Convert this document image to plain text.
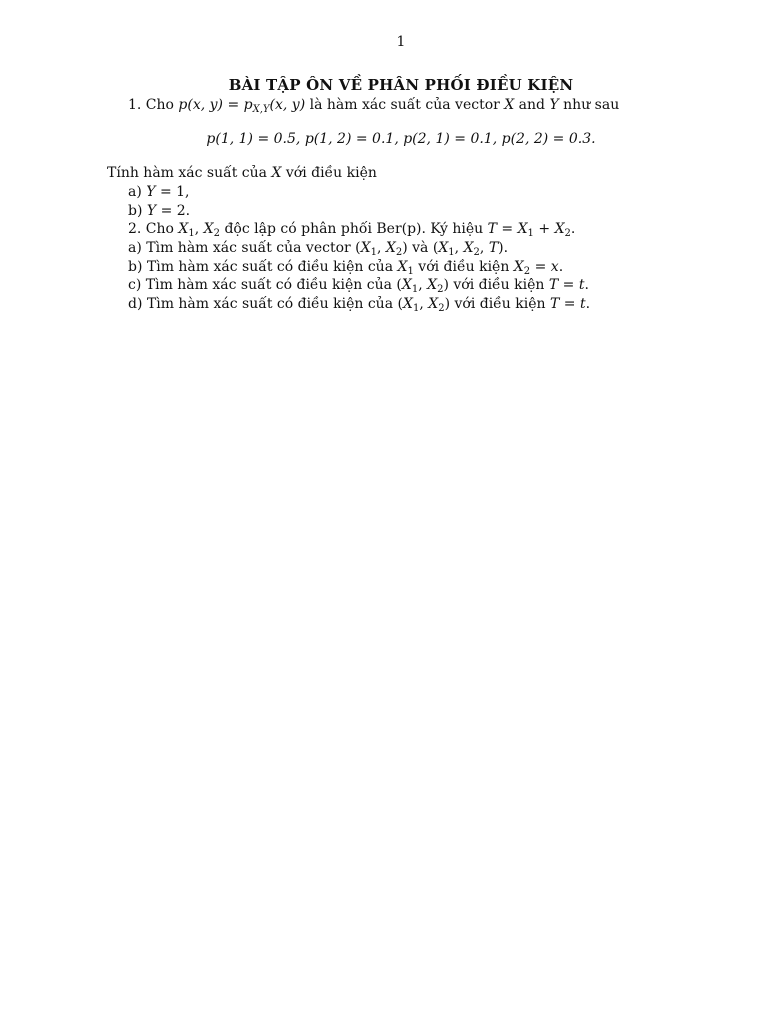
1
BÀI TẬP ÔN VỀ PHÂN PHỐI ĐIỀU KIỆN
1. Cho p(x, $y) = p_{X,Y}(x$, y) là hàm xác suất của vector X and Y như sau
p(1, 1) = 0.5, p(1, 2) = 0.1, p(2, 1) = 0.1, p(2, 2) = 0.3.
Tính hàm xác suất của X với điều kiện
a) Y = 1,
b) Y = 2.
2. Cho $X_1$, $X_2$ độc lập có phân phối Ber(p). Ký hiệu $T = X_1 + X_2$.
a) Tìm hàm xác suất của vector ($X_1$, $X_2$) và ($X_1$, $X_2$, T).
b) Tìm hàm xác suất có điều kiện của $X_1$ với điều kiện $X_2 = x$.
c) Tìm hàm xác suất có điều kiện của ($X_1$, $X_2$) với điều kiện T = t.
d) Tìm hàm xác suất có điều kiện của ($X_1$, $X_2$) với điều kiện T = t.
